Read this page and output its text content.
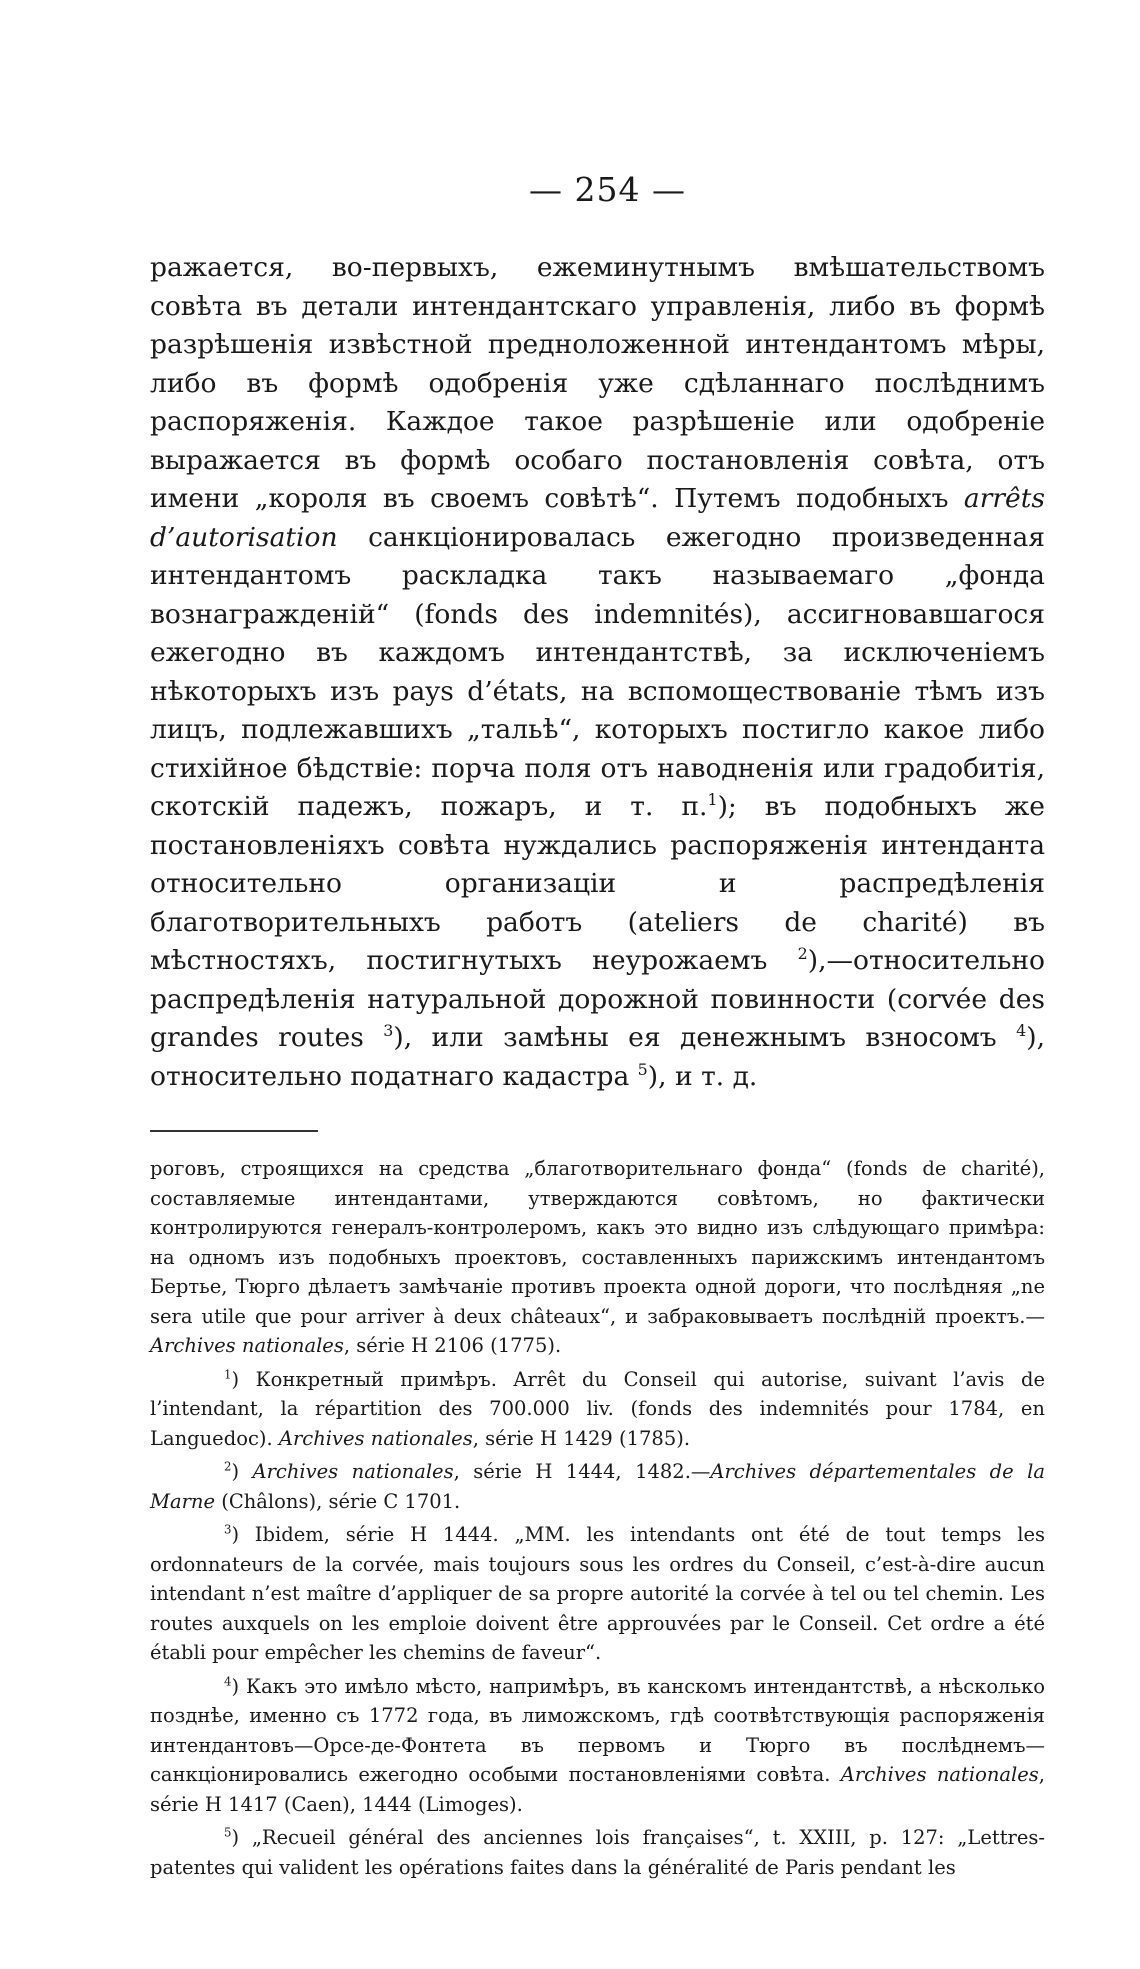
— 254 —

ражается, во-первыхъ, ежеминутнымъ вмѣшательствомъ совѣта въ детали интендантскаго управленія, либо въ формѣ разрѣшенія извѣстной предноложенной интендантомъ мѣры, либо въ формѣ одобренія уже сдѣланнаго послѣднимъ распоряженія. Каждое такое разрѣшеніе или одобреніе выражается въ формѣ особаго постановленія совѣта, отъ имени „короля въ своемъ совѣтѣ“. Путемъ подобныхъ arrêts d’autorisation санкціонировалась ежегодно произведенная интендантомъ раскладка такъ называемаго „фонда вознагражденій“ (fonds des indemnités), ассигновавшагося ежегодно въ каждомъ интендантствѣ, за исключеніемъ нѣкоторыхъ изъ pays d’états, на вспомоществованіе тѣмъ изъ лицъ, подлежавшихъ „тальѣ“, которыхъ постигло какое либо стихійное бѣдствіе: порча поля отъ наводненія или градобитія, скотскій падежъ, пожаръ, и т. п.$^1$); въ подобныхъ же постановленіяхъ совѣта нуждались распоряженія интенданта относительно организаціи и распредѣленія благотворительныхъ работъ (ateliers de charité) въ мѣстностяхъ, постигнутыхъ неурожаемъ $^2$),—относительно распредѣленія натуральной дорожной повинности (corvée des grandes routes $^3$), или замѣны ея денежнымъ взносомъ $^4$), относительно податнаго кадастра $^5$), и т. д.

роговъ, строящихся на средства „благотворительнаго фонда“ (fonds de charité), составляемые интендантами, утверждаются совѣтомъ, но фактически контролируются генералъ-контролеромъ, какъ это видно изъ слѣдующаго примѣра: на одномъ изъ подобныхъ проектовъ, составленныхъ парижскимъ интендантомъ Бертье, Тюрго дѣлаетъ замѣчаніе противъ проекта одной дороги, что послѣдняя „ne sera utile que pour arriver à deux châteaux“, и забраковываетъ послѣдній проектъ.—Archives nationales, série H 2106 (1775).

$^1$) Конкретный примѣръ. Arrêt du Conseil qui autorise, suivant l’avis de l’intendant, la répartition des 700.000 liv. (fonds des indemnités pour 1784, en Languedoc). Archives nationales, série H 1429 (1785).

$^2$) Archives nationales, série H 1444, 1482.—Archives départementales de la Marne (Châlons), série C 1701.

$^3$) Ibidem, série H 1444. „MM. les intendants ont été de tout temps les ordonnateurs de la corvée, mais toujours sous les ordres du Conseil, c’est-à-dire aucun intendant n’est maître d’appliquer de sa propre autorité la corvée à tel ou tel chemin. Les routes auxquels on les emploie doivent être approuvées par le Conseil. Cet ordre a été établi pour empêcher les chemins de faveur“.

$^4$) Какъ это имѣло мѣсто, напримѣръ, въ канскомъ интендантствѣ, а нѣсколько позднѣе, именно съ 1772 года, въ лиможскомъ, гдѣ соотвѣтствующія распоряженія интендантовъ—Орсе-де-Фонтета въ первомъ и Тюрго въ послѣднемъ—санкціонировались ежегодно особыми постановленіями совѣта. Archives nationales, série H 1417 (Caen), 1444 (Limoges).

$^5$) „Recueil général des anciennes lois françaises“, t. XXIII, p. 127: „Lettres-patentes qui valident les opérations faites dans la généralité de Paris pendant les
